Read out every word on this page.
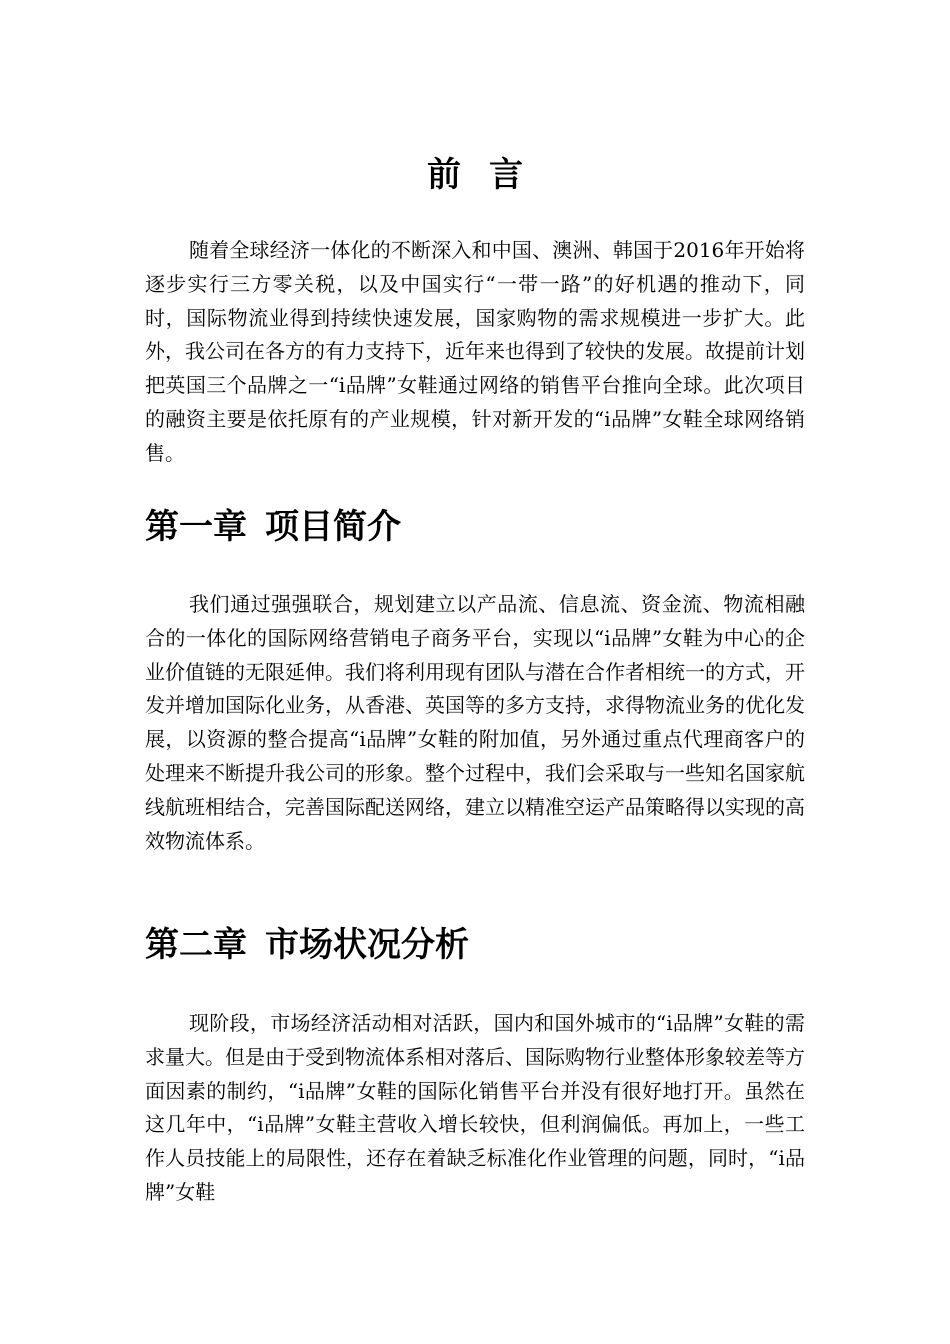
前言

随着全球经济一体化的不断深入和中国、澳洲、韩国于2016年开始将逐步实行三方零关税，以及中国实行“一带一路”的好机遇的推动下，同时，国际物流业得到持续快速发展，国家购物的需求规模进一步扩大。此外，我公司在各方的有力支持下，近年来也得到了较快的发展。故提前计划把英国三个品牌之一“i品牌”女鞋通过网络的销售平台推向全球。此次项目的融资主要是依托原有的产业规模，针对新开发的“i品牌”女鞋全球网络销售。

第一章 项目简介

我们通过强强联合，规划建立以产品流、信息流、资金流、物流相融合的一体化的国际网络营销电子商务平台，实现以“i品牌”女鞋为中心的企业价值链的无限延伸。我们将利用现有团队与潜在合作者相统一的方式，开发并增加国际化业务，从香港、英国等的多方支持，求得物流业务的优化发展，以资源的整合提高“i品牌”女鞋的附加值，另外通过重点代理商客户的处理来不断提升我公司的形象。整个过程中，我们会采取与一些知名国家航线航班相结合，完善国际配送网络，建立以精准空运产品策略得以实现的高效物流体系。

第二章 市场状况分析

现阶段，市场经济活动相对活跃，国内和国外城市的“i品牌”女鞋的需求量大。但是由于受到物流体系相对落后、国际购物行业整体形象较差等方面因素的制约，“i品牌”女鞋的国际化销售平台并没有很好地打开。虽然在这几年中，“i品牌”女鞋主营收入增长较快，但利润偏低。再加上，一些工作人员技能上的局限性，还存在着缺乏标准化作业管理的问题，同时，“i品牌”女鞋
